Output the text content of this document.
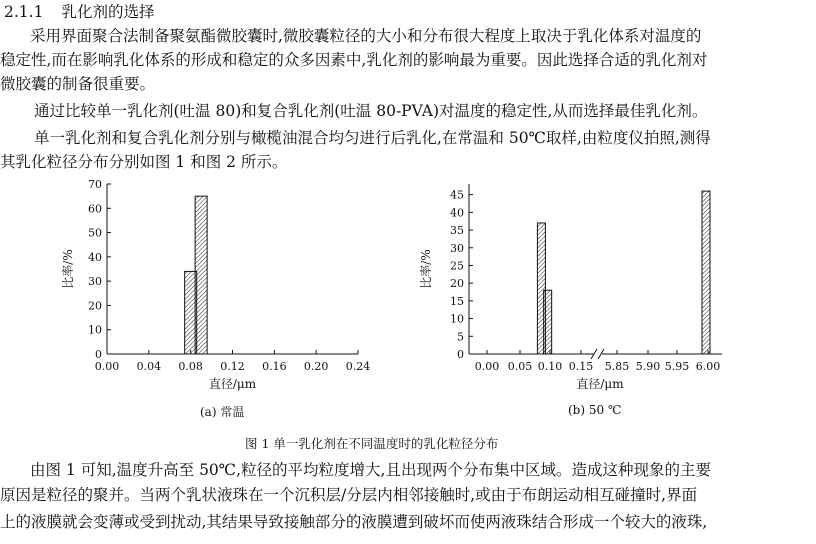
2.1.1 乳化剂的选择
采用界面聚合法制备聚氨酯微胶囊时,微胶囊粒径的大小和分布很大程度上取决于乳化体系对温度的
稳定性,而在影响乳化体系的形成和稳定的众多因素中,乳化剂的影响最为重要。因此选择合适的乳化剂对
微胶囊的制备很重要。
通过比较单一乳化剂(吐温 80)和复合乳化剂(吐温 80-PVA)对温度的稳定性,从而选择最佳乳化剂。
单一乳化剂和复合乳化剂分别与橄榄油混合均匀进行后乳化,在常温和 50℃取样,由粒度仪拍照,测得
其乳化粒径分布分别如图 1 和图 2 所示。
0
10
20
30
40
50
60
70
0.00 0.04 0.08 0.12 0.16 0.20 0.24
直径/μm
比率/%
0
5
10
15
20
25
30
35
40
45
0.00 0.05 0.10 0.15 5.85 5.90 5.95 6.00
直径/μm
比率/%
(a) 常温	(b) 50 ℃
图 1 单一乳化剂在不同温度时的乳化粒径分布
由图 1 可知,温度升高至 50℃,粒径的平均粒度增大,且出现两个分布集中区域。造成这种现象的主要
原因是粒径的聚并。当两个乳状液珠在一个沉积层/分层内相邻接触时,或由于布朗运动相互碰撞时,界面
上的液膜就会变薄或受到扰动,其结果导致接触部分的液膜遭到破坏而使两液珠结合形成一个较大的液珠,
